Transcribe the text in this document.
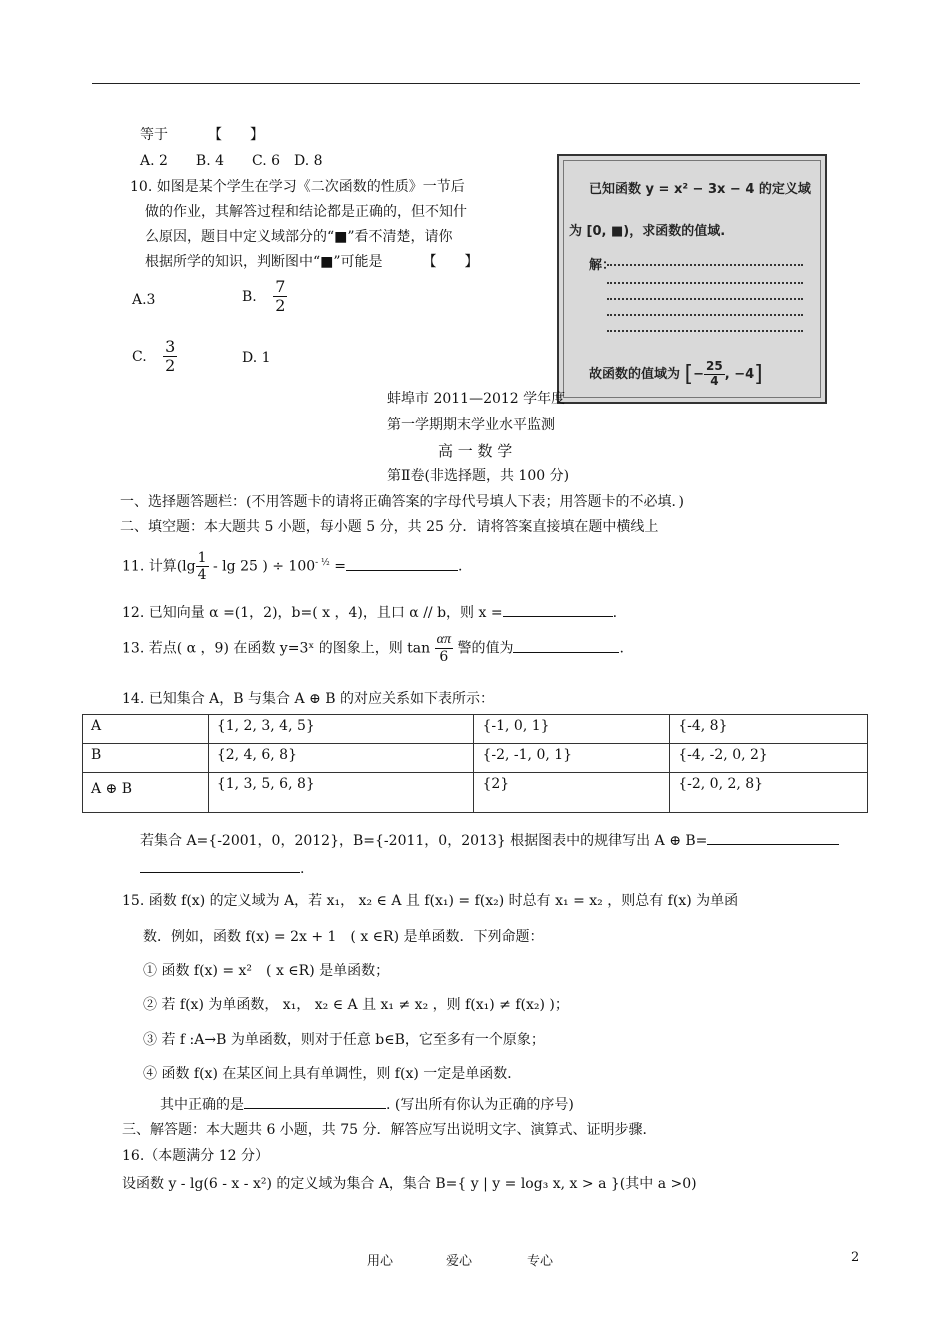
等于	【　　】
A. 2　　B. 4　　C. 6　D. 8
10. 如图是某个学生在学习《二次函数的性质》一节后
做的作业，其解答过程和结论都是正确的，但不知什
么原因，题目中定义域部分的“■”看不清楚，请你
根据所学的知识，判断图中“■”可能是	【　　】
A.3	B. $\frac{7}{2}$
C. $\frac{3}{2}$	D. 1
已知函数 y = x² − 3x − 4 的定义域
为 [0, ■)，求函数的值域.
解：
故函数的值域为 [− $\frac{25}{4}$ , −4]
蚌埠市 2011—2012 学年度
第一学期期末学业水平监测
高 一 数 学
第Ⅱ卷(非选择题，共 100 分)
一、选择题答题栏：(不用答题卡的请将正确答案的字母代号填人下表；用答题卡的不必填．)
二、填空题：本大题共 5 小题，每小题 5 分，共 25 分．请将答案直接填在题中横线上
11. 计算($\lg \frac{1}{4}$ - lg 25 ) ÷ $100^{- \frac{1}{2}}$ =	.
12. 已知向量 α =(1，2)，b=( x ，4)，且口 α // b，则 x =	.
13. 若点( α ，9) 在函数 y=3ˣ 的图象上，则 $\tan \frac{\alpha\pi}{6}$ 警的值为	.
14. 已知集合 A，B 与集合 A ⊕ B 的对应关系如下表所示：
A	{1, 2, 3, 4, 5}	{-1, 0, 1}	{-4, 8}
B	{2, 4, 6, 8}	{-2, -1, 0, 1}	{-4, -2, 0, 2}
A ⊕ B	{1, 3, 5, 6, 8}	{2}	{-2, 0, 2, 8}
若集合 A={-2001，0，2012}，B={-2011，0，2013} 根据图表中的规律写出 A ⊕ B=
.
15. 函数 f(x) 的定义域为 A，若 x₁， x₂ ∈ A 且 f(x₁) = f(x₂) 时总有 x₁ = x₂ ，则总有 f(x) 为单函
数．例如，函数 f(x) = 2x + 1　( x ∈R) 是单函数．下列命题：
① 函数 f(x) = x²　( x ∈R) 是单函数；
② 若 f(x) 为单函数， x₁， x₂ ∈ A 且 x₁ ≠ x₂ ，则 f(x₁) ≠ f(x₂) )；
③ 若 f :A→B 为单函数，则对于任意 b∈B，它至多有一个原象；
④ 函数 f(x) 在某区间上具有单调性，则 f(x) 一定是单函数．
其中正确的是	. (写出所有你认为正确的序号)
三、解答题：本大题共 6 小题，共 75 分．解答应写出说明文字、演算式、证明步骤．
16.（本题满分 12 分）
设函数 y - lg(6 - x - x²) 的定义域为集合 A，集合 B={ y | y = log₃ x, x > a }(其中 a >0)
用心	爱心	专心	2
